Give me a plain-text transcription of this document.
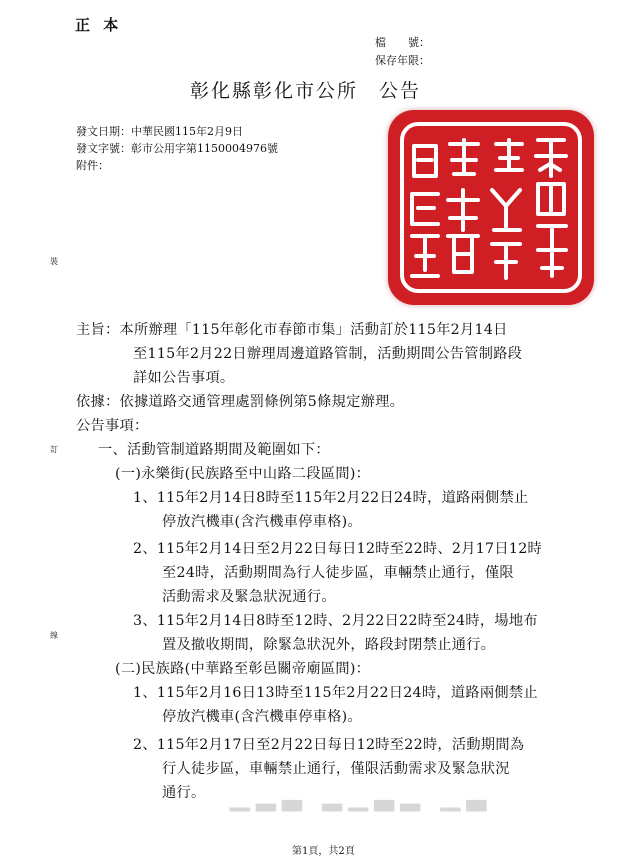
正 本
檔　　號：
保存年限：
彰化縣彰化市公所　公告
發文日期：中華民國115年2月9日
發文字號：彰市公用字第1150004976號
附件：
裝
訂
線
主旨：本所辦理「115年彰化市春節市集」活動訂於115年2月14日
至115年2月22日辦理周邊道路管制，活動期間公告管制路段
詳如公告事項。
依據：依據道路交通管理處罰條例第5條規定辦理。
公告事項：
一、活動管制道路期間及範圍如下：
(一)永樂街(民族路至中山路二段區間)：
1、115年2月14日8時至115年2月22日24時，道路兩側禁止
停放汽機車(含汽機車停車格)。
2、115年2月14日至2月22日每日12時至22時、2月17日12時
至24時，活動期間為行人徒步區，車輛禁止通行，僅限
活動需求及緊急狀況通行。
3、115年2月14日8時至12時、2月22日22時至24時，場地布
置及撤收期間，除緊急狀況外，路段封閉禁止通行。
(二)民族路(中華路至彰邑關帝廟區間)：
1、115年2月16日13時至115年2月22日24時，道路兩側禁止
停放汽機車(含汽機車停車格)。
2、115年2月17日至2月22日每日12時至22時，活動期間為
行人徒步區，車輛禁止通行，僅限活動需求及緊急狀況
通行。 ▁▂▃ ▂▁▃▂ ▁▃
第1頁，共2頁
